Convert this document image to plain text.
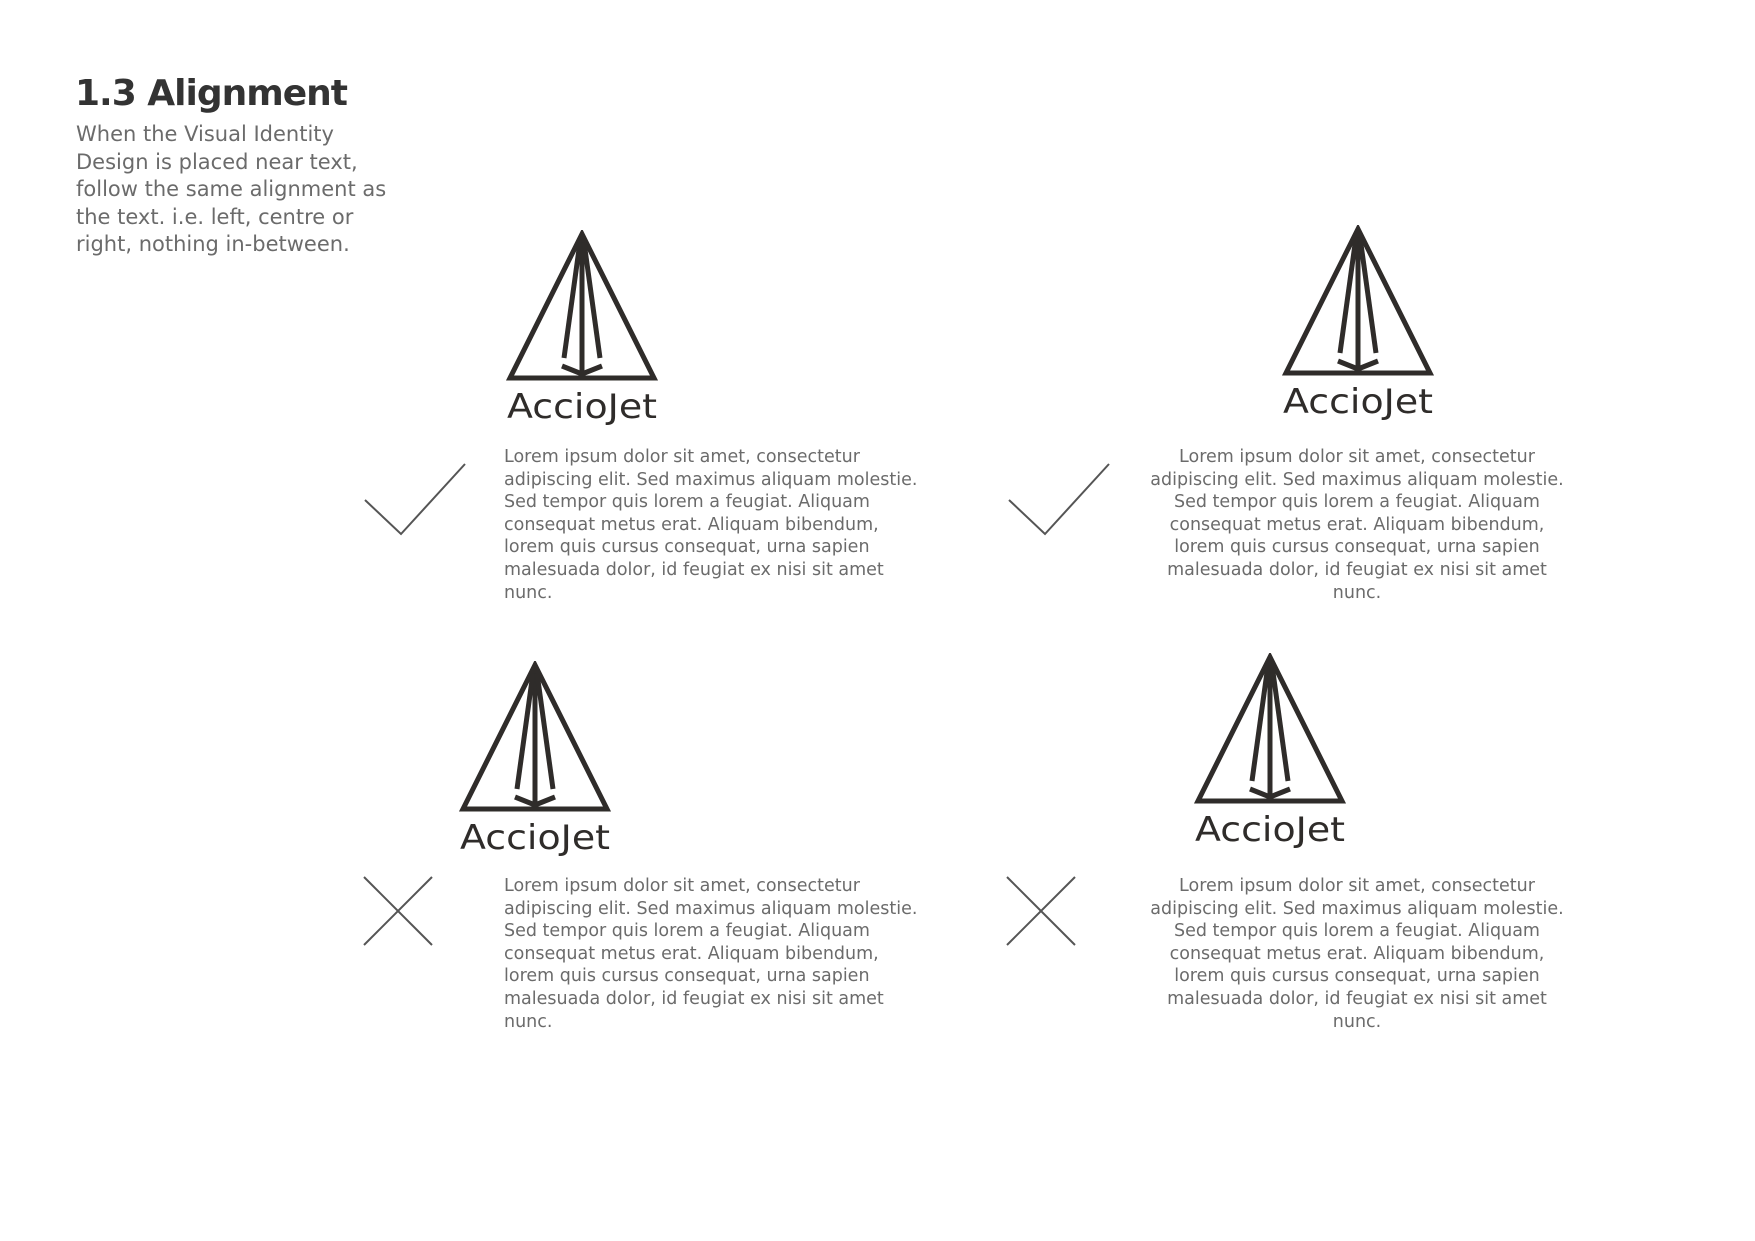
1.3 Alignment

When the Visual Identity Design is placed near text, follow the same alignment as the text. i.e. left, centre or right, nothing in-between.

AccioJet

Lorem ipsum dolor sit amet, consectetur adipiscing elit. Sed maximus aliquam molestie. Sed tempor quis lorem a feugiat. Aliquam consequat metus erat. Aliquam bibendum, lorem quis cursus consequat, urna sapien malesuada dolor, id feugiat ex nisi sit amet nunc.

AccioJet

Lorem ipsum dolor sit amet, consectetur adipiscing elit. Sed maximus aliquam molestie. Sed tempor quis lorem a feugiat. Aliquam consequat metus erat. Aliquam bibendum, lorem quis cursus consequat, urna sapien malesuada dolor, id feugiat ex nisi sit amet nunc.

AccioJet

Lorem ipsum dolor sit amet, consectetur adipiscing elit. Sed maximus aliquam molestie. Sed tempor quis lorem a feugiat. Aliquam consequat metus erat. Aliquam bibendum, lorem quis cursus consequat, urna sapien malesuada dolor, id feugiat ex nisi sit amet nunc.

AccioJet

Lorem ipsum dolor sit amet, consectetur adipiscing elit. Sed maximus aliquam molestie. Sed tempor quis lorem a feugiat. Aliquam consequat metus erat. Aliquam bibendum, lorem quis cursus consequat, urna sapien malesuada dolor, id feugiat ex nisi sit amet nunc.
